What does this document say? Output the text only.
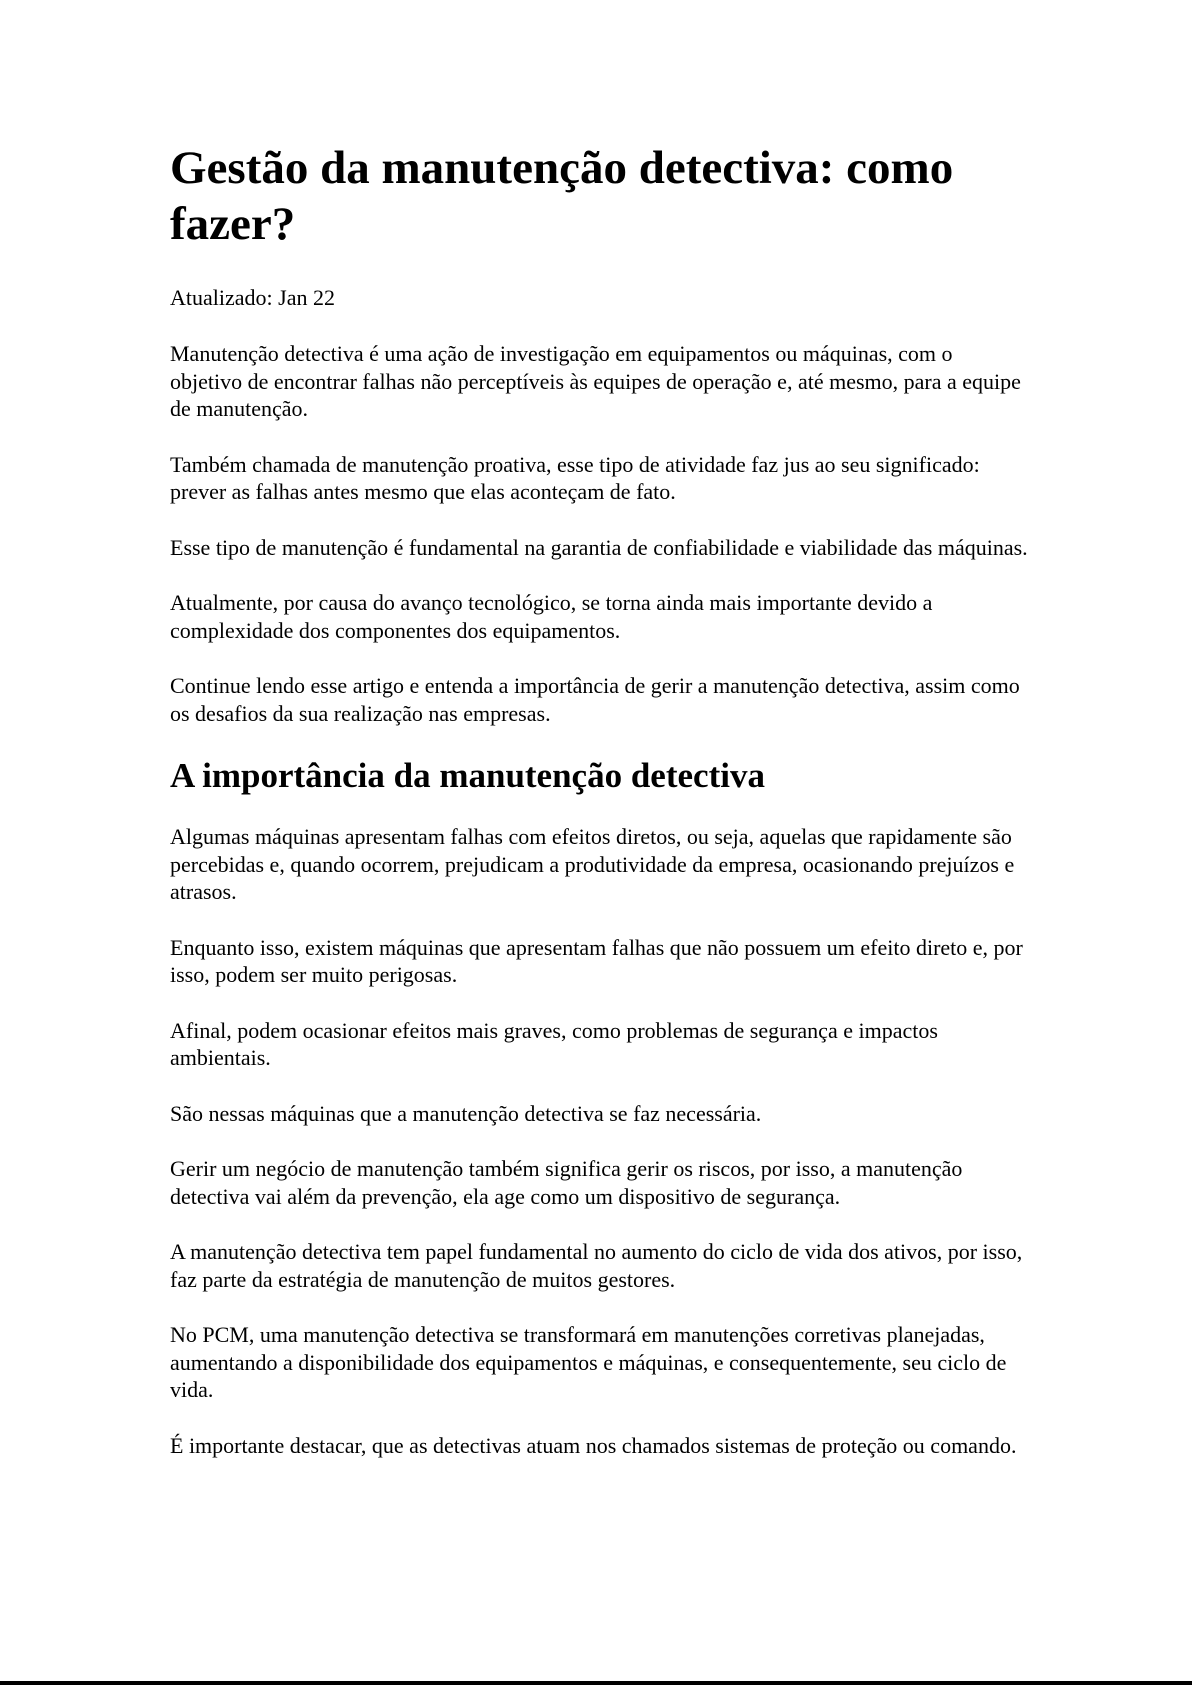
Gestão da manutenção detectiva: como fazer?
Atualizado: Jan 22

Manutenção detectiva é uma ação de investigação em equipamentos ou máquinas, com o objetivo de encontrar falhas não perceptíveis às equipes de operação e, até mesmo, para a equipe de manutenção.

Também chamada de manutenção proativa, esse tipo de atividade faz jus ao seu significado: prever as falhas antes mesmo que elas aconteçam de fato.

Esse tipo de manutenção é fundamental na garantia de confiabilidade e viabilidade das máquinas.

Atualmente, por causa do avanço tecnológico, se torna ainda mais importante devido a complexidade dos componentes dos equipamentos.

Continue lendo esse artigo e entenda a importância de gerir a manutenção detectiva, assim como os desafios da sua realização nas empresas.

A importância da manutenção detectiva

Algumas máquinas apresentam falhas com efeitos diretos, ou seja, aquelas que rapidamente são percebidas e, quando ocorrem, prejudicam a produtividade da empresa, ocasionando prejuízos e atrasos.

Enquanto isso, existem máquinas que apresentam falhas que não possuem um efeito direto e, por isso, podem ser muito perigosas.

Afinal, podem ocasionar efeitos mais graves, como problemas de segurança e impactos ambientais.

São nessas máquinas que a manutenção detectiva se faz necessária.

Gerir um negócio de manutenção também significa gerir os riscos, por isso, a manutenção detectiva vai além da prevenção, ela age como um dispositivo de segurança.

A manutenção detectiva tem papel fundamental no aumento do ciclo de vida dos ativos, por isso, faz parte da estratégia de manutenção de muitos gestores.

No PCM, uma manutenção detectiva se transformará em manutenções corretivas planejadas, aumentando a disponibilidade dos equipamentos e máquinas, e consequentemente, seu ciclo de vida.

É importante destacar, que as detectivas atuam nos chamados sistemas de proteção ou comando.
